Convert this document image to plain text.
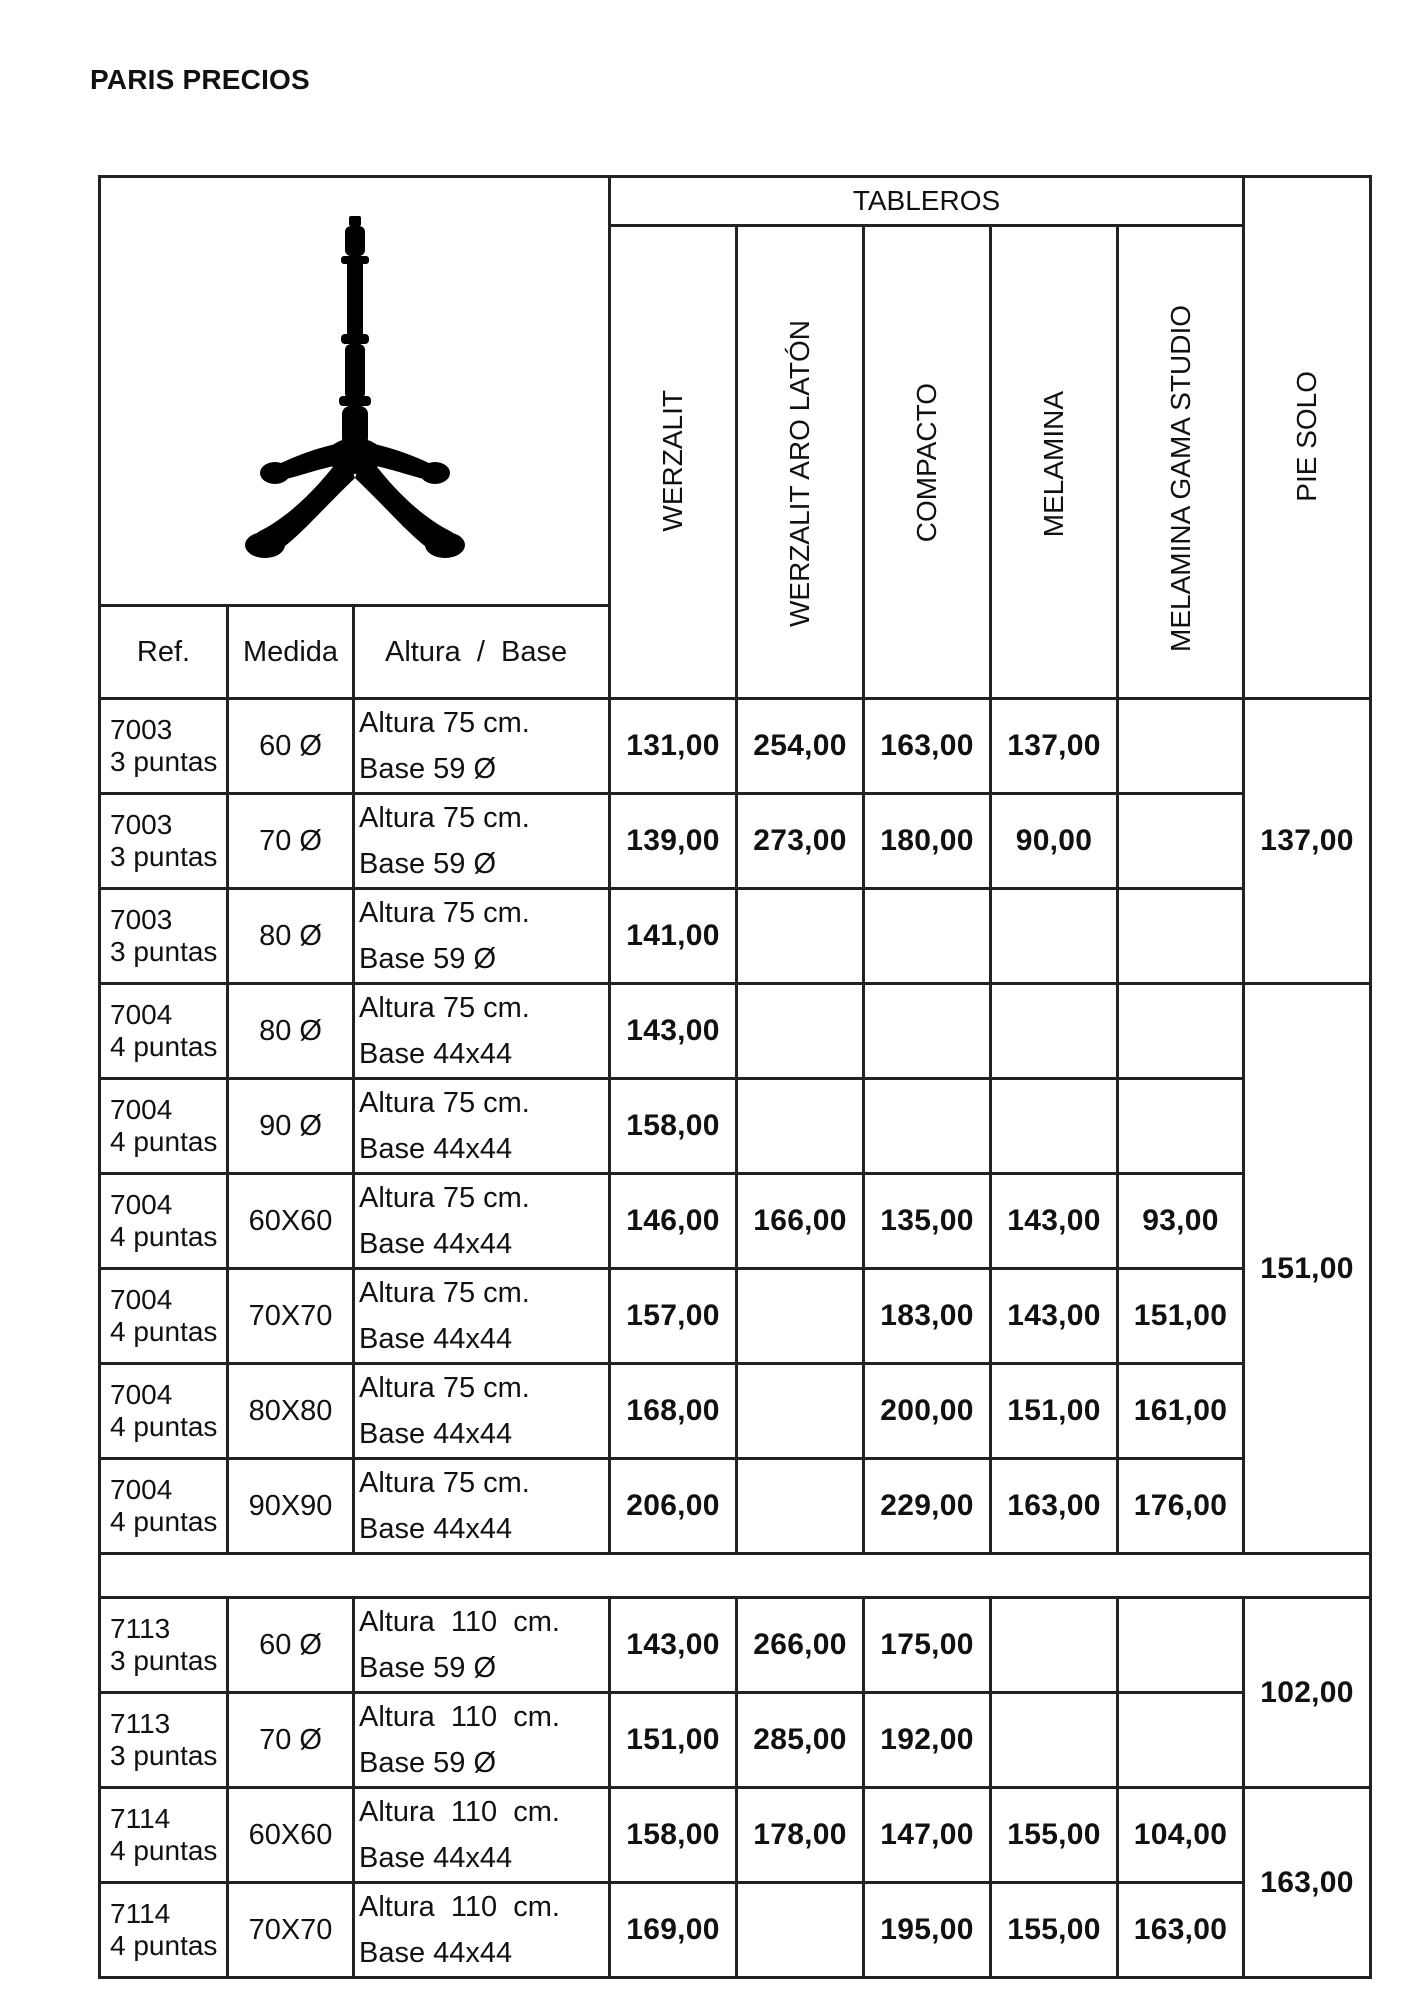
PARIS PRECIOS
	TABLEROS					PIE SOLO
			WERZALIT	WERZALIT ARO LATÓN	COMPACTO	MELAMINA	MELAMINA GAMA STUDIO	
Ref.	Medida	Altura  /  Base						

7003
3 puntas	60 Ø	Altura 75 cm.
Base 59 Ø	131,00	254,00	163,00	137,00		137,00

7003
3 puntas	70 Ø	Altura 75 cm.
Base 59 Ø	139,00	273,00	180,00	90,00		

7003
3 puntas	80 Ø	Altura 75 cm.
Base 59 Ø	141,00					

7004
4 puntas	80 Ø	Altura 75 cm.
Base 44x44	143,00					151,00

7004
4 puntas	90 Ø	Altura 75 cm.
Base 44x44	158,00					

7004
4 puntas	60X60	Altura 75 cm.
Base 44x44	146,00	166,00	135,00	143,00	93,00	

7004
4 puntas	70X70	Altura 75 cm.
Base 44x44	157,00		183,00	143,00	151,00	

7004
4 puntas	80X80	Altura 75 cm.
Base 44x44	168,00		200,00	151,00	161,00	

7004
4 puntas	90X90	Altura 75 cm.
Base 44x44	206,00		229,00	163,00	176,00	

7113
3 puntas	60 Ø	Altura  110  cm.
Base 59 Ø	143,00	266,00	175,00			102,00

7113
3 puntas	70 Ø	Altura  110  cm.
Base 59 Ø	151,00	285,00	192,00			

7114
4 puntas	60X60	Altura  110  cm.
Base 44x44	158,00	178,00	147,00	155,00	104,00	163,00

7114
4 puntas	70X70	Altura  110  cm.
Base 44x44	169,00		195,00	155,00	163,00	
